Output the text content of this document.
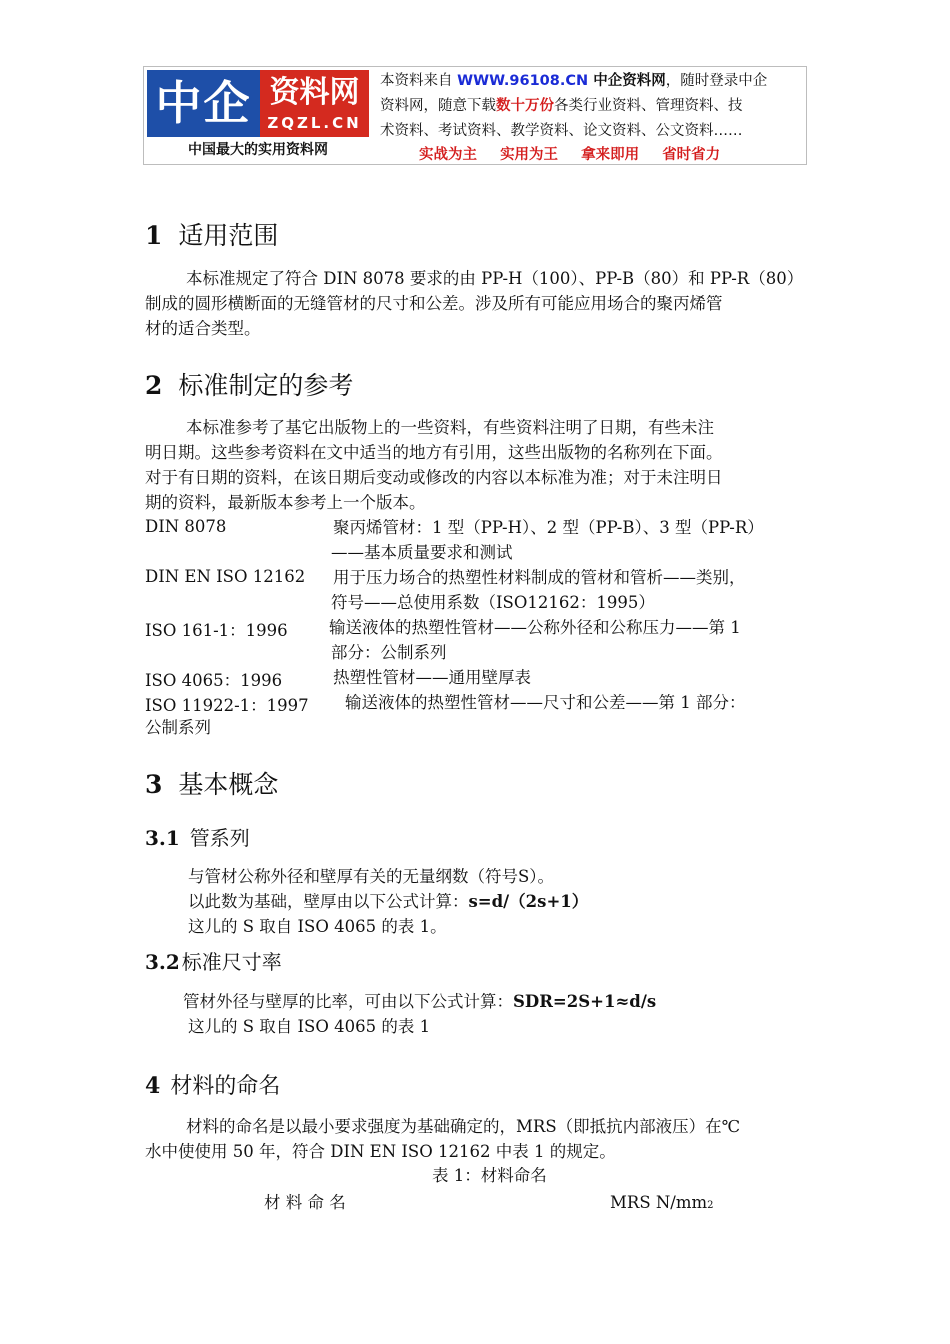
中企 资料网
ZQZL.CN
中国最大的实用资料网
本资料来自 WWW.96108.CN 中企资料网，随时登录中企
资料网，随意下载数十万份各类行业资料、管理资料、技
术资料、考试资料、教学资料、论文资料、公文资料……
实战为主 实用为王 拿来即用 省时省力
1 适用范围
本标准规定了符合 DIN 8078 要求的由 PP-H（100）、PP-B（80）和 PP-R（80）
制成的圆形横断面的无缝管材的尺寸和公差。涉及所有可能应用场合的聚丙烯管
材的适合类型。
2 标准制定的参考
本标准参考了基它出版物上的一些资料，有些资料注明了日期，有些未注
明日期。这些参考资料在文中适当的地方有引用，这些出版物的名称列在下面。
对于有日期的资料，在该日期后变动或修改的内容以本标准为准；对于未注明日
期的资料，最新版本参考上一个版本。
DIN 8078	聚丙烯管材：1 型（PP-H）、2 型（PP-B）、3 型（PP-R）
——基本质量要求和测试
DIN EN ISO 12162 用于压力场合的热塑性材料制成的管材和管析——类别，
符号——总使用系数（ISO12162：1995）
ISO 161-1：1996	输送液体的热塑性管材——公称外径和公称压力——第 1
部分：公制系列
ISO 4065：1996	热塑性管材——通用壁厚表
ISO 11922-1：1997 输送液体的热塑性管材——尺寸和公差——第 1 部分：
公制系列
3 基本概念
3.1 管系列
与管材公称外径和壁厚有关的无量纲数（符号S）。
以此数为基础，壁厚由以下公式计算：s=d/（2s+1）
这儿的 S 取自 ISO 4065 的表 1。
3.2 标准尺寸率
管材外径与壁厚的比率，可由以下公式计算：SDR=2S+1≈d/s
这儿的 S 取自 ISO 4065 的表 1
4 材料的命名
材料的命名是以最小要求强度为基础确定的，MRS（即抵抗内部液压）在℃
水中使使用 50 年，符合 DIN EN ISO 12162 中表 1 的规定。
表 1：材料命名
材 料 命 名	MRS N/mm2
